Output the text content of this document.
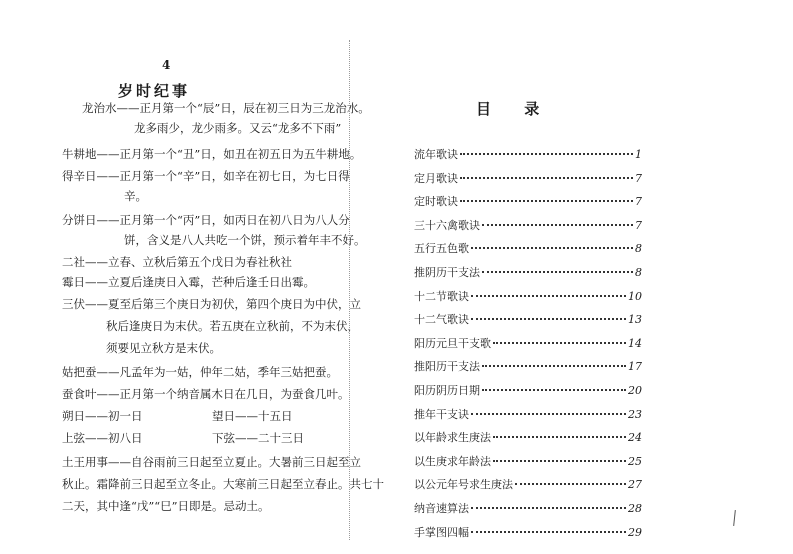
4
岁时纪事
龙治水——正月第一个“辰”日，辰在初三日为三龙治水。
龙多雨少，龙少雨多。又云“龙多不下雨”
牛耕地——正月第一个“丑”日，如丑在初五日为五牛耕地。
得辛日——正月第一个“辛”日，如辛在初七日，为七日得
辛。
分饼日——正月第一个“丙”日，如丙日在初八日为八人分
饼，含义是八人共吃一个饼，预示着年丰不好。
二社——立春、立秋后第五个戊日为春社秋社
霉日——立夏后逢庚日入霉，芒种后逢壬日出霉。
三伏——夏至后第三个庚日为初伏，第四个庚日为中伏，立
秋后逢庚日为末伏。若五庚在立秋前，不为末伏，
须要见立秋方是末伏。
姑把蚕——凡孟年为一姑，仲年二姑，季年三姑把蚕。
蚕食叶——正月第一个纳音属木日在几日，为蚕食几叶。
朔日——初一日	望日——十五日
上弦——初八日	下弦——二十三日
土王用事——自谷雨前三日起至立夏止。大暑前三日起至立
秋止。霜降前三日起至立冬止。大寒前三日起至立春止。共七十
二天，其中逢“戊”“巳”日即是。忌动土。
目 录
流年歌诀	1
定月歌诀	7
定时歌诀	7
三十六禽歌诀	7
五行五色歌	8
推阴历干支法	8
十二节歌诀	10
十二气歌诀	13
阳历元旦干支歌	14
推阳历干支法	17
阳历阴历日期	20
推年干支诀	23
以年龄求生庚法	24
以生庚求年龄法	25
以公元年号求生庚法	27
纳音速算法	28
手掌图四幅	29
